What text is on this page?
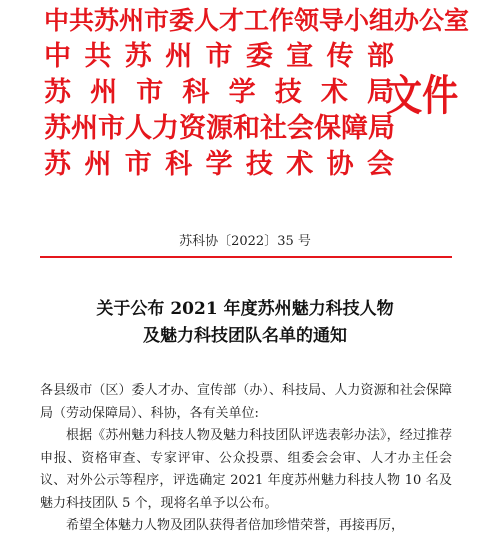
中共苏州市委人才工作领导小组办公室
中 共 苏 州 市 委 宣 传 部
苏 州 市 科 学 技 术 局
苏 州 市 人 力 资 源 和 社 会 保 障 局
苏 州 市 科 学 技 术 协 会
文件
苏科协〔2022〕35 号
关于公布 2021 年度苏州魅力科技人物
及魅力科技团队名单的通知

各县级市（区）委人才办、宣传部（办）、科技局、人力资源和社会保障局（劳动保障局）、科协，各有关单位:

根据《苏州魅力科技人物及魅力科技团队评选表彰办法》，经过推荐申报、资格审查、专家评审、公众投票、组委会会审、人才办主任会议、对外公示等程序，评选确定 2021 年度苏州魅力科技人物 10 名及魅力科技团队 5 个，现将名单予以公布。

希望全体魅力人物及团队获得者倍加珍惜荣誉，再接再厉，
